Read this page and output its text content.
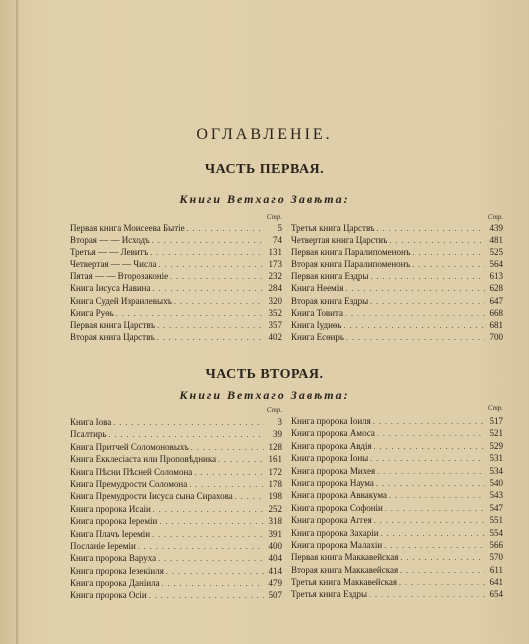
ОГЛАВЛЕНІЕ.
ЧАСТЬ ПЕРВАЯ.
Книги Ветхаго Завѣта:
Стр.
Первая книга Моисеева Бытіе . . .	5
Вторая — — Исходъ . . .	74
Третья — — Левитъ . . .	131
Четвертая — — Числа . . .	173
Пятая — — Второзаконіе . . .	232
Книга Іисуса Навина . . .	284
Книга Судей Израилевыхъ . . .	320
Книга Руѳь . . .	352
Первая книга Царствъ . . .	357
Вторая книга Царствъ . . .	402
Стр.
Третья книга Царствъ . . .	439
Четвертая книга Царствъ . . .	481
Первая книга Паралипоменонъ . . .	525
Вторая книга Паралипоменонъ . . .	564
Первая книга Ездры . . .	613
Книга Неемія . . .	628
Вторая книга Ездры . . .	647
Книга Товита . . .	668
Книга Іудиѳь . . .	681
Книга Есѳирь . . .	700
ЧАСТЬ ВТОРАЯ.
Книги Ветхаго Завѣта:
Стр.
Книга Іова . . .	3
Псалтирь . . .	39
Книга Притчей Соломоновыхъ . . .	128
Книга Екклесіаста или Проповѣдника . . .	161
Книга Пѣсни Пѣсней Соломона . . .	172
Книга Премудрости Соломона . . .	178
Книга Премудрости Іисуса сына Сирахова . . .	198
Книга пророка Исаіи . . .	252
Книга пророка Іереміи . . .	318
Книга Плачъ Іереміи . . .	391
Посланіе Іереміи . . .	400
Книга пророка Варуха . . .	404
Книга пророка Іезекіиля . . .	414
Книга пророка Даніила . . .	479
Книга пророка Осіи . . .	507
Стр.
Книга пророка Іоиля . . .	517
Книга пророка Амоса . . .	521
Книга пророка Авдія . . .	529
Книга пророка Іоны . . .	531
Книга пророка Михея . . .	534
Книга пророка Наума . . .	540
Книга пророка Аввакума . . .	543
Книга пророка Софоніи . . .	547
Книга пророка Аггея . . .	551
Книга пророка Захаріи . . .	554
Книга пророка Малахіи . . .	566
Первая книга Маккавейская . . .	570
Вторая книга Маккавейская . . .	611
Третья книга Маккавейская . . .	641
Третья книга Ездры . . .	654
